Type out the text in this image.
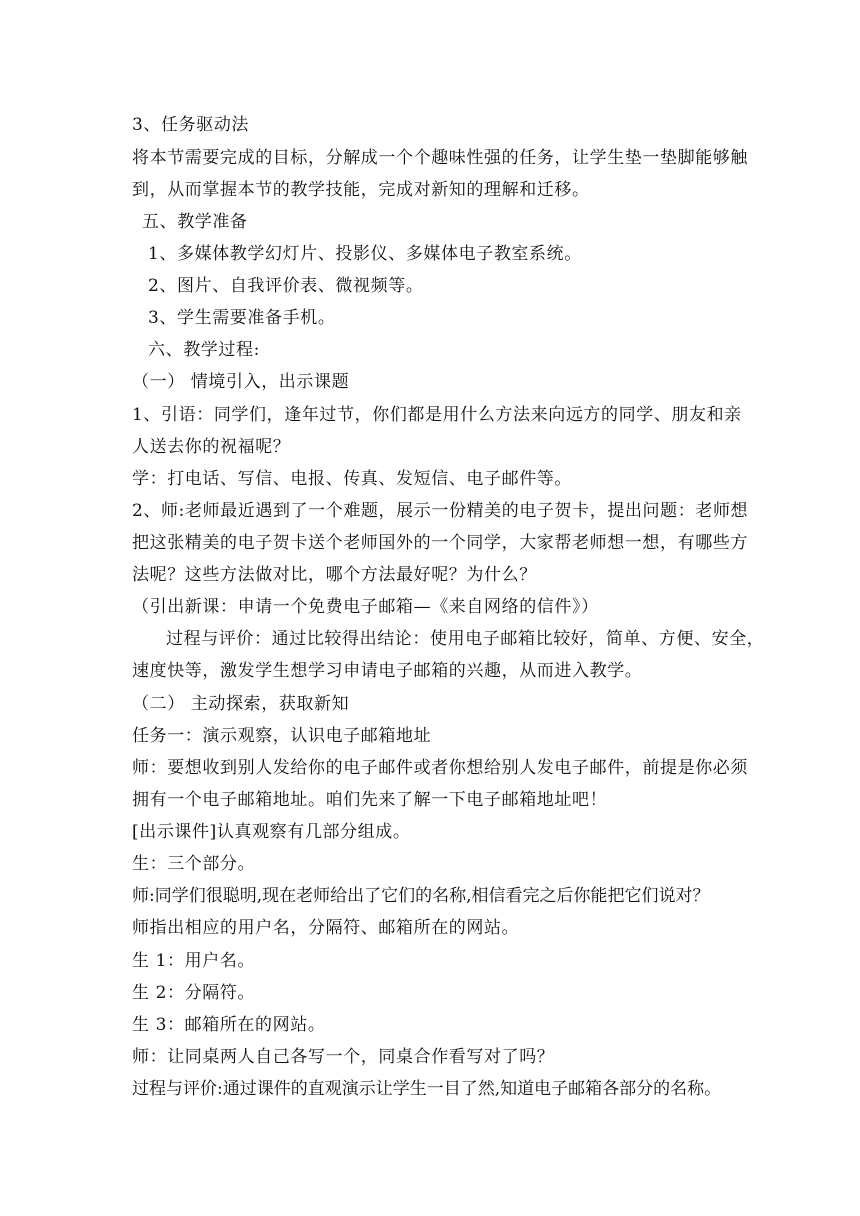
3、任务驱动法
将本节需要完成的目标，分解成一个个趣味性强的任务，让学生垫一垫脚能够触
到，从而掌握本节的教学技能，完成对新知的理解和迁移。
五、教学准备
1、多媒体教学幻灯片、投影仪、多媒体电子教室系统。
2、图片、自我评价表、微视频等。
3、学生需要准备手机。
六、教学过程:
（一） 情境引入，出示课题
1、引语：同学们，逢年过节，你们都是用什么方法来向远方的同学、朋友和亲
人送去你的祝福呢？
学：打电话、写信、电报、传真、发短信、电子邮件等。
2、师:老师最近遇到了一个难题，展示一份精美的电子贺卡，提出问题：老师想
把这张精美的电子贺卡送个老师国外的一个同学，大家帮老师想一想，有哪些方
法呢？这些方法做对比，哪个方法最好呢？为什么？
（引出新课：申请一个免费电子邮箱—《来自网络的信件》）
过程与评价：通过比较得出结论：使用电子邮箱比较好，简单、方便、安全，
速度快等，激发学生想学习申请电子邮箱的兴趣，从而进入教学。
（二） 主动探索，获取新知
任务一：演示观察，认识电子邮箱地址
师：要想收到别人发给你的电子邮件或者你想给别人发电子邮件，前提是你必须
拥有一个电子邮箱地址。咱们先来了解一下电子邮箱地址吧！
[出示课件]认真观察有几部分组成。
生：三个部分。
师:同学们很聪明,现在老师给出了它们的名称,相信看完之后你能把它们说对？
师指出相应的用户名，分隔符、邮箱所在的网站。
生 1：用户名。
生 2：分隔符。
生 3：邮箱所在的网站。
师：让同桌两人自己各写一个，同桌合作看写对了吗？
过程与评价:通过课件的直观演示让学生一目了然,知道电子邮箱各部分的名称。
